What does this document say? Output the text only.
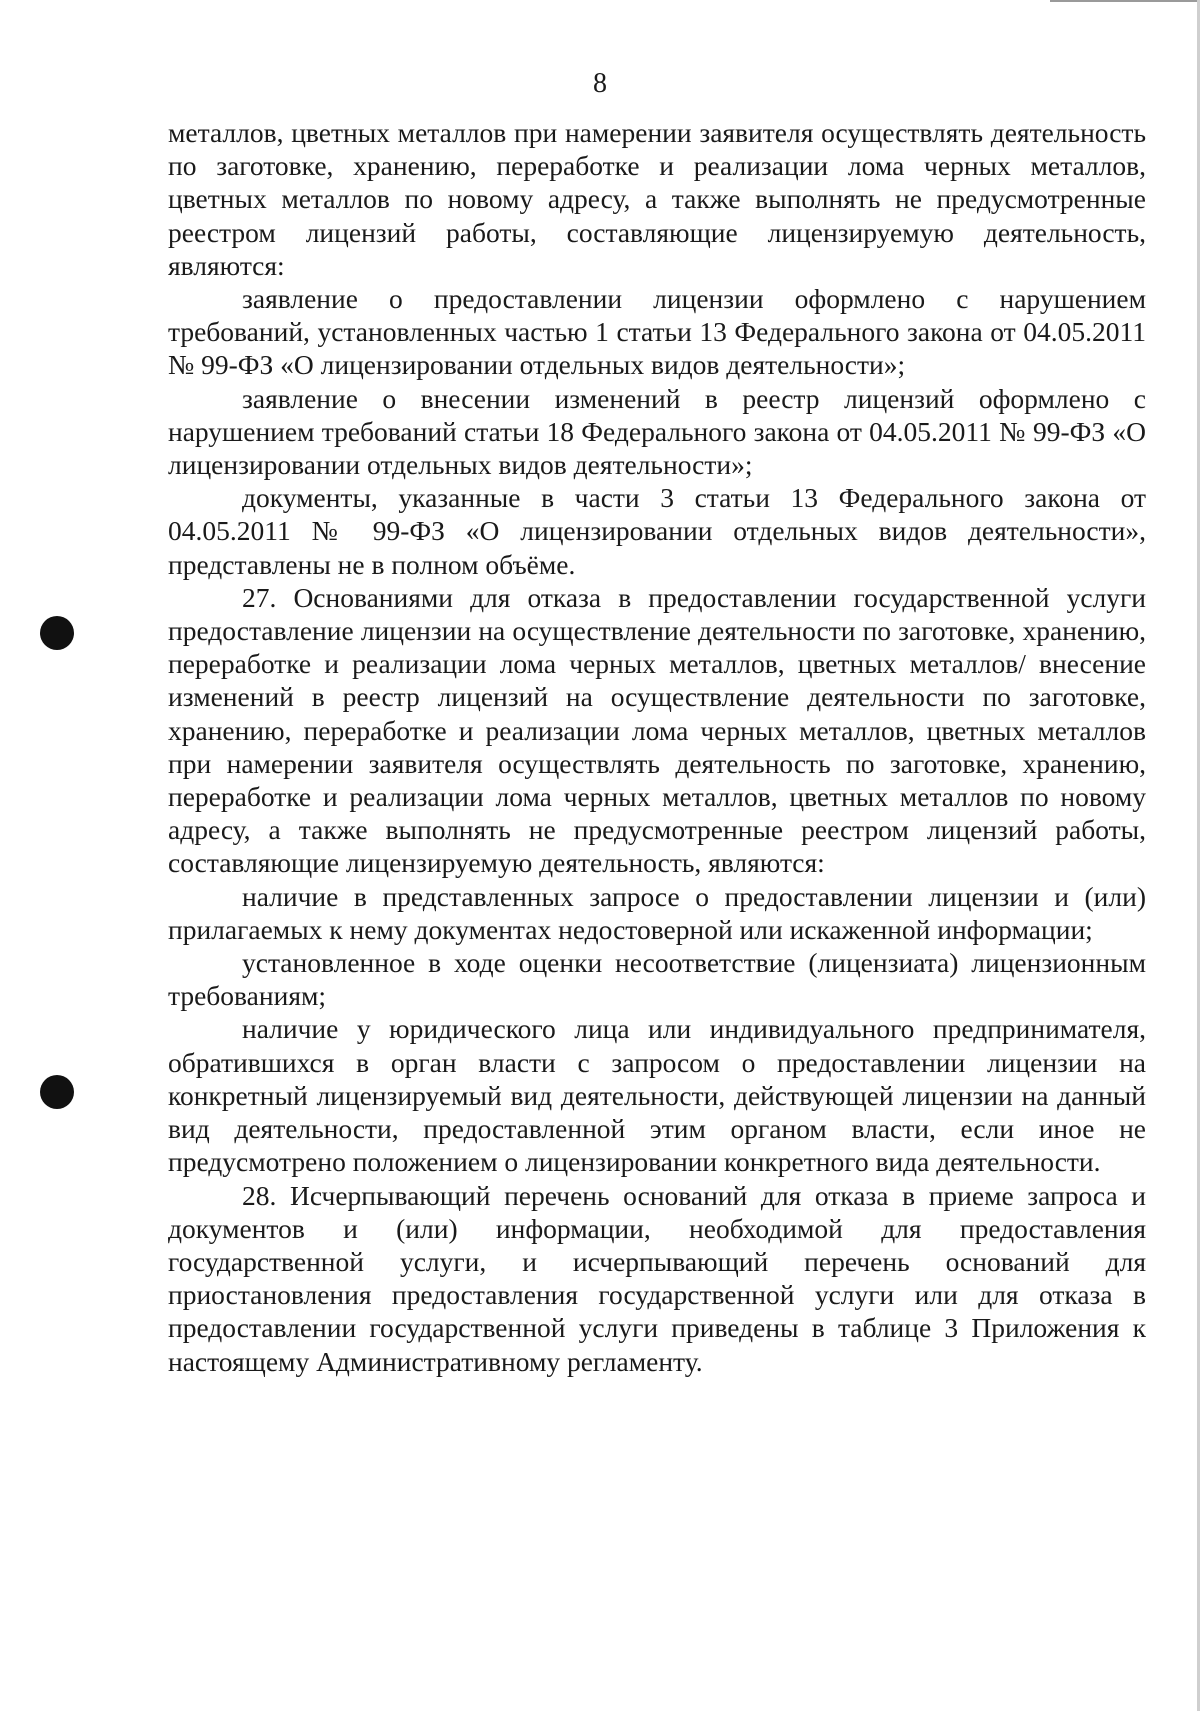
8

металлов, цветных металлов при намерении заявителя осуществлять деятельность по заготовке, хранению, переработке и реализации лома черных металлов, цветных металлов по новому адресу, а также выполнять не предусмотренные реестром лицензий работы, составляющие лицензируемую деятельность, являются:

заявление о предоставлении лицензии оформлено с нарушением требований, установленных частью 1 статьи 13 Федерального закона от 04.05.2011 № 99-ФЗ «О лицензировании отдельных видов деятельности»;

заявление о внесении изменений в реестр лицензий оформлено с нарушением требований статьи 18 Федерального закона от 04.05.2011 № 99-ФЗ «О лицензировании отдельных видов деятельности»;

документы, указанные в части 3 статьи 13 Федерального закона от 04.05.2011 № 99-ФЗ «О лицензировании отдельных видов деятельности», представлены не в полном объёме.

27. Основаниями для отказа в предоставлении государственной услуги предоставление лицензии на осуществление деятельности по заготовке, хранению, переработке и реализации лома черных металлов, цветных металлов/ внесение изменений в реестр лицензий на осуществление деятельности по заготовке, хранению, переработке и реализации лома черных металлов, цветных металлов при намерении заявителя осуществлять деятельность по заготовке, хранению, переработке и реализации лома черных металлов, цветных металлов по новому адресу, а также выполнять не предусмотренные реестром лицензий работы, составляющие лицензируемую деятельность, являются:

наличие в представленных запросе о предоставлении лицензии и (или) прилагаемых к нему документах недостоверной или искаженной информации;

установленное в ходе оценки несоответствие (лицензиата) лицензионным требованиям;

наличие у юридического лица или индивидуального предпринимателя, обратившихся в орган власти с запросом о предоставлении лицензии на конкретный лицензируемый вид деятельности, действующей лицензии на данный вид деятельности, предоставленной этим органом власти, если иное не предусмотрено положением о лицензировании конкретного вида деятельности.

28. Исчерпывающий перечень оснований для отказа в приеме запроса и документов и (или) информации, необходимой для предоставления государственной услуги, и исчерпывающий перечень оснований для приостановления предоставления государственной услуги или для отказа в предоставлении государственной услуги приведены в таблице 3 Приложения к настоящему Административному регламенту.
